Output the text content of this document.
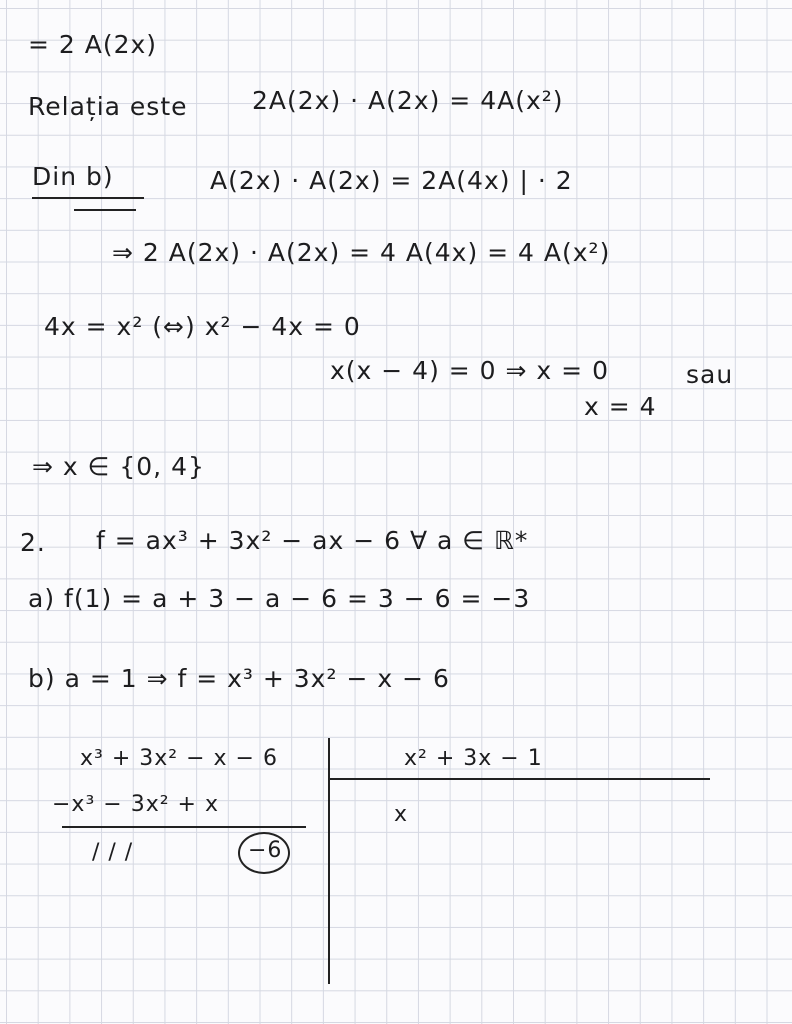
= 2 A(2x)
Relația este	2A(2x) · A(2x) = 4A(x²)
Din b)	A(2x) · A(2x) = 2A(4x) | · 2
⇒ 2 A(2x) · A(2x) = 4 A(4x) = 4 A(x²)
4x = x² (⇔) x² − 4x = 0
x(x − 4) = 0 ⇒ x = 0	sau
x = 4
⇒ x ∈ {0, 4}
2. f = ax³ + 3x² − ax − 6 ∀ a ∈ ℝ*
a) f(1) = a + 3 − a − 6 = 3 − 6 = −3
b) a = 1 ⇒ f = x³ + 3x² − x − 6
x³ + 3x² − x − 6
−x³ − 3x² + x
/ / /	−6
x² + 3x − 1
x
